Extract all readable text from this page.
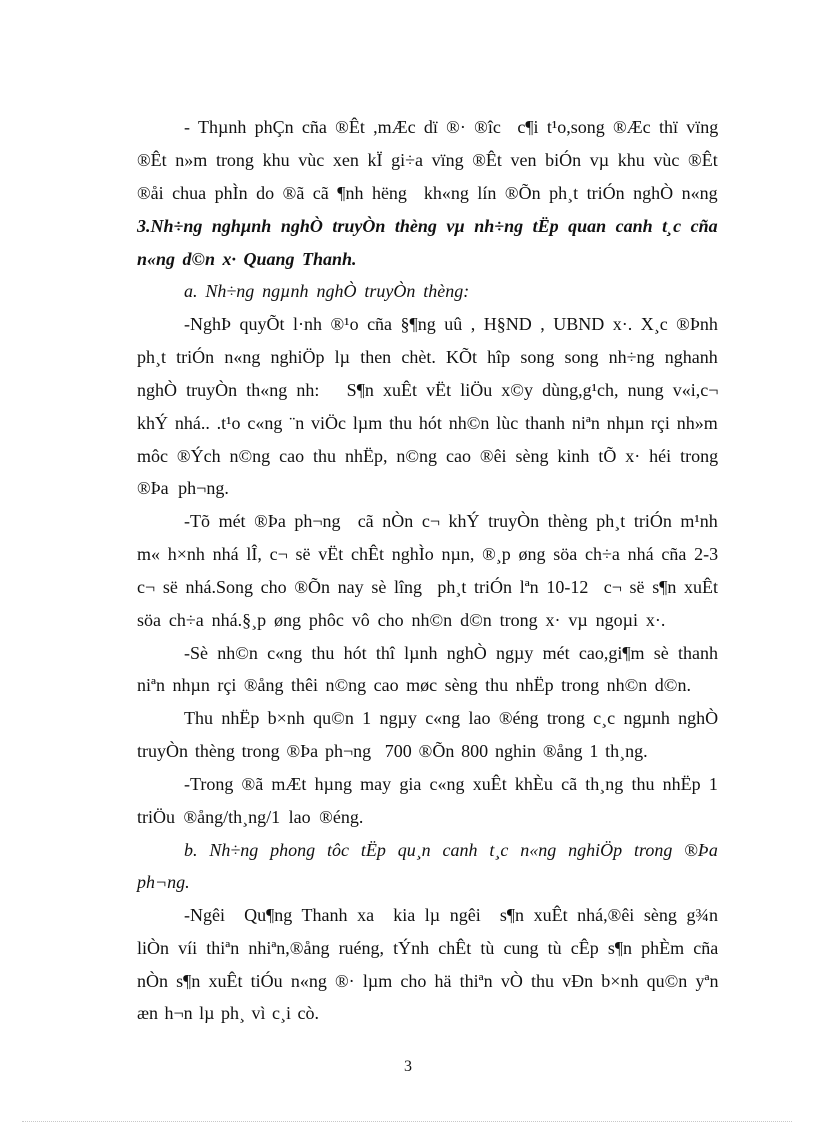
- Thµnh phÇn cña ®Êt ,mÆc dï ®· ®îc  c¶i t¹o,song ®Æc thï vïng
®Êt n»m trong khu vùc xen kÏ gi÷a vïng ®Êt ven biÓn vµ khu vùc ®Êt
®åi chua phÌn do ®ã cã ¶nh hëng  kh«ng lín ®Õn ph¸t triÓn nghÒ n«ng
3.Nh÷ng nghµnh nghÒ truyÒn thèng vµ nh÷ng tËp quan canh t¸c cña
n«ng d©n x· Quang Thanh.
a. Nh÷ng ngµnh nghÒ truyÒn thèng:
-NghÞ quyÕt l·nh ®¹o cña §¶ng uû , H§ND , UBND x·. X¸c ®Þnh
ph¸t triÓn n«ng nghiÖp lµ then chèt. KÕt hîp song song nh÷ng nghanh
nghÒ truyÒn th«ng nh:   S¶n xuÊt vËt liÖu x©y dùng,g¹ch, nung v«i,c¬
khÝ nhá.. .t¹o c«ng ¨n viÖc lµm thu hót nh©n lùc thanh niªn nhµn rçi nh»m
môc ®Ých n©ng cao thu nhËp, n©ng cao ®êi sèng kinh tÕ x· héi trong
®Þa ph¬ng.
-Tõ mét ®Þa ph¬ng  cã nÒn c¬ khÝ truyÒn thèng ph¸t triÓn m¹nh
m« h×nh nhá lÎ, c¬ së vËt chÊt nghÌo nµn, ®¸p øng söa ch÷a nhá cña 2-3
c¬ së nhá.Song cho ®Õn nay sè lîng  ph¸t triÓn lªn 10-12  c¬ së s¶n xuÊt
söa ch÷a nhá.§¸p øng phôc vô cho nh©n d©n trong x· vµ ngoµi x·.
-Sè nh©n c«ng thu hót thî lµnh nghÒ ngµy mét cao,gi¶m sè thanh
niªn nhµn rçi ®ång thêi n©ng cao møc sèng thu nhËp trong nh©n d©n.
Thu nhËp b×nh qu©n 1 ngµy c«ng lao ®éng trong c¸c ngµnh nghÒ
truyÒn thèng trong ®Þa ph¬ng  700 ®Õn 800 nghin ®ång 1 th¸ng.
-Trong ®ã mÆt hµng may gia c«ng xuÊt khÈu cã th¸ng thu nhËp 1
triÖu ®ång/th¸ng/1 lao ®éng.
b. Nh÷ng phong tôc tËp qu¸n canh t¸c n«ng nghiÖp trong ®Þa
ph¬ng.
-Ngêi  Qu¶ng Thanh xa  kia lµ ngêi  s¶n xuÊt nhá,®êi sèng g¾n
liÒn víi thiªn nhiªn,®ång ruéng, tÝnh chÊt tù cung tù cÊp s¶n phÈm cña
nÒn s¶n xuÊt tiÓu n«ng ®· lµm cho hä thiªn vÒ thu vÐn b×nh qu©n yªn
æn h¬n lµ ph¸ vì c¸i cò.
3
